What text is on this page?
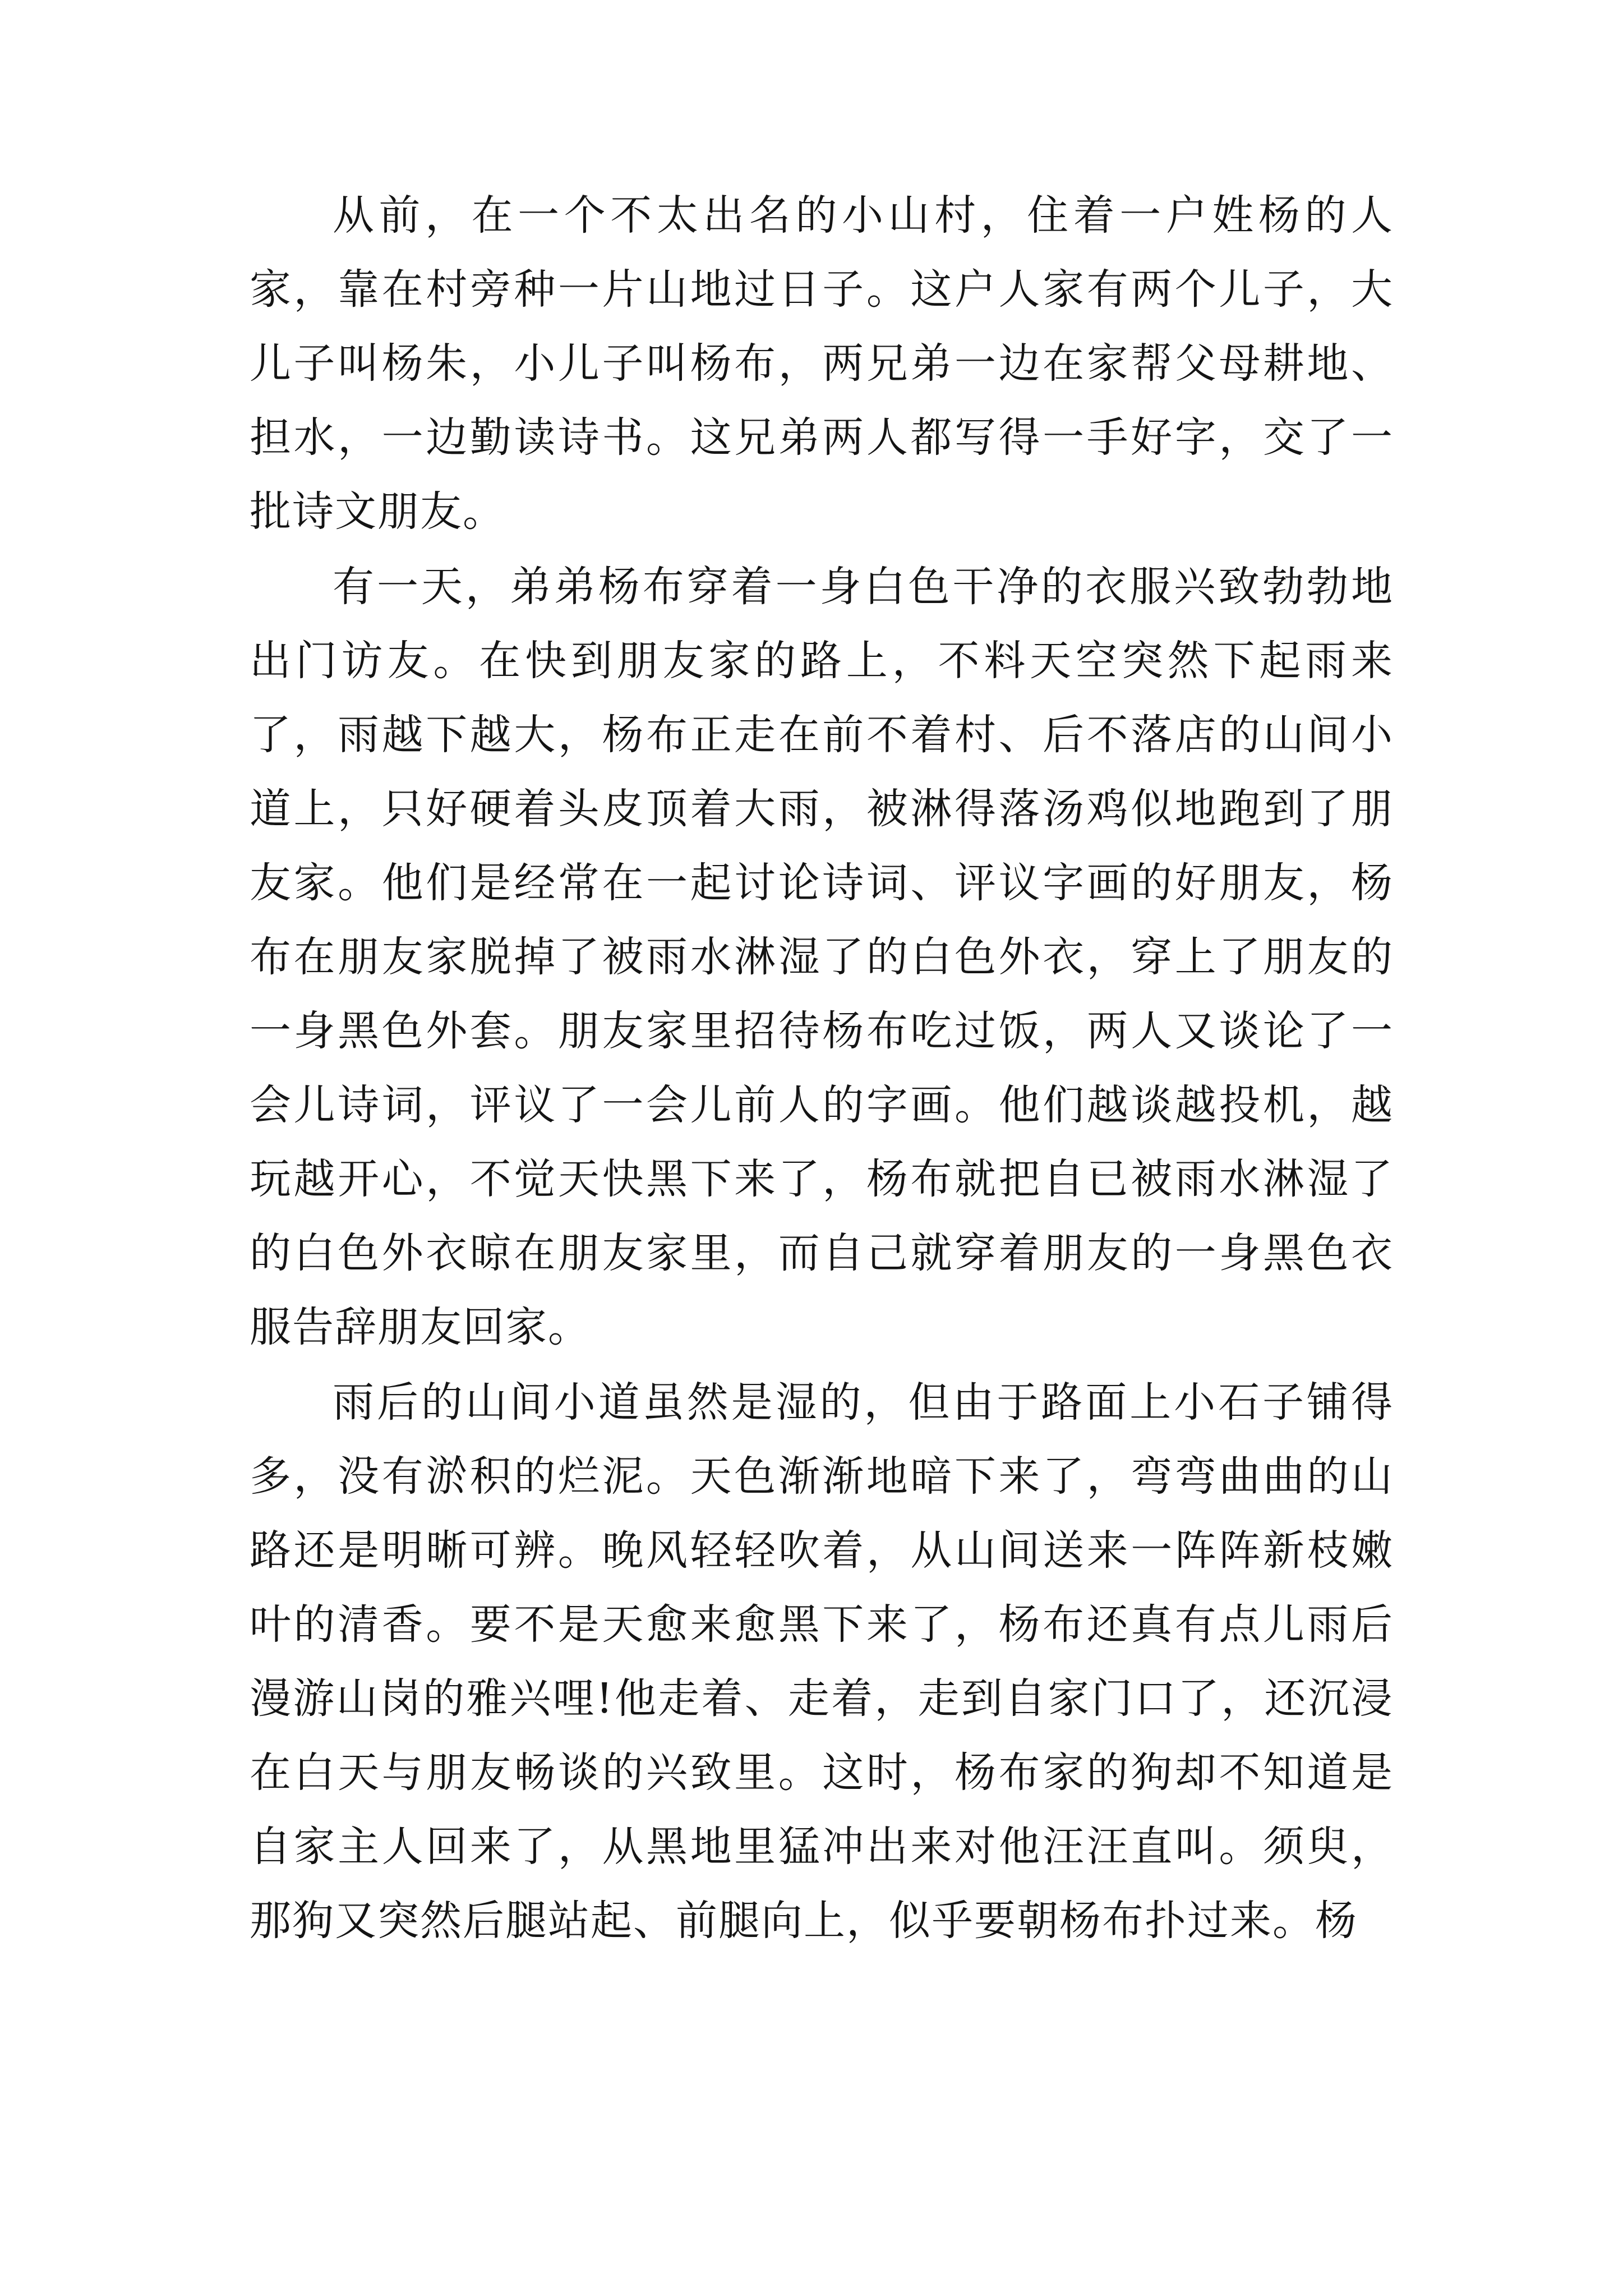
从前，在一个不太出名的小山村，住着一户姓杨的人家，靠在村旁种一片山地过日子。这户人家有两个儿子，大儿子叫杨朱，小儿子叫杨布，两兄弟一边在家帮父母耕地、担水，一边勤读诗书。这兄弟两人都写得一手好字，交了一批诗文朋友。

有一天，弟弟杨布穿着一身白色干净的衣服兴致勃勃地出门访友。在快到朋友家的路上，不料天空突然下起雨来了，雨越下越大，杨布正走在前不着村、后不落店的山间小道上，只好硬着头皮顶着大雨，被淋得落汤鸡似地跑到了朋友家。他们是经常在一起讨论诗词、评议字画的好朋友，杨布在朋友家脱掉了被雨水淋湿了的白色外衣，穿上了朋友的一身黑色外套。朋友家里招待杨布吃过饭，两人又谈论了一会儿诗词，评议了一会儿前人的字画。他们越谈越投机，越玩越开心，不觉天快黑下来了，杨布就把自已被雨水淋湿了的白色外衣晾在朋友家里，而自己就穿着朋友的一身黑色衣服告辞朋友回家。

雨后的山间小道虽然是湿的，但由于路面上小石子铺得多，没有淤积的烂泥。天色渐渐地暗下来了，弯弯曲曲的山路还是明晰可辨。晚风轻轻吹着，从山间送来一阵阵新枝嫩叶的清香。要不是天愈来愈黑下来了，杨布还真有点儿雨后漫游山岗的雅兴哩!他走着、走着，走到自家门口了，还沉浸在白天与朋友畅谈的兴致里。这时，杨布家的狗却不知道是自家主人回来了，从黑地里猛冲出来对他汪汪直叫。须臾，那狗又突然后腿站起、前腿向上，似乎要朝杨布扑过来。杨
